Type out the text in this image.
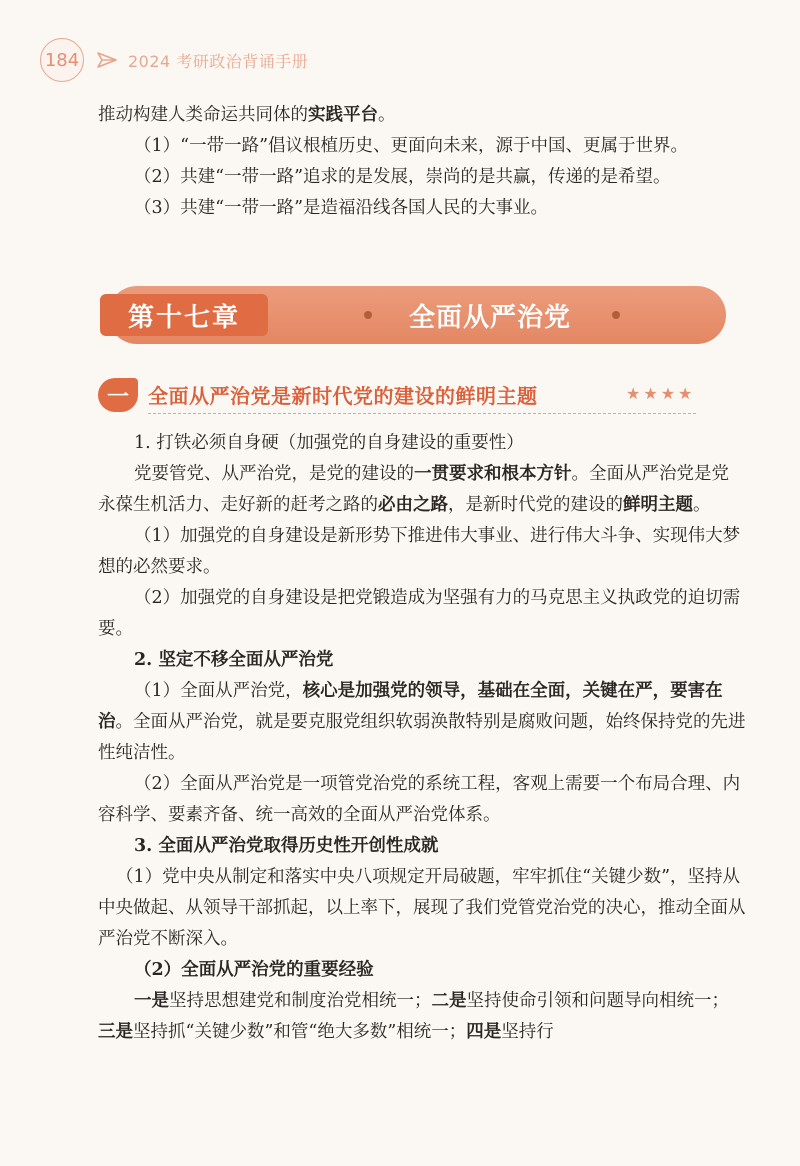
184	2024 考研政治背诵手册

推动构建人类命运共同体的实践平台。

（1）“一带一路”倡议根植历史、更面向未来，源于中国、更属于世界。

（2）共建“一带一路”追求的是发展，崇尚的是共赢，传递的是希望。

（3）共建“一带一路”是造福沿线各国人民的大事业。

第十七章	全面从严治党
一 全面从严治党是新时代党的建设的鲜明主题	★★★★

1. 打铁必须自身硬（加强党的自身建设的重要性）

党要管党、从严治党，是党的建设的一贯要求和根本方针。全面从严治党是党永葆生机活力、走好新的赶考之路的必由之路，是新时代党的建设的鲜明主题。

（1）加强党的自身建设是新形势下推进伟大事业、进行伟大斗争、实现伟大梦想的必然要求。

（2）加强党的自身建设是把党锻造成为坚强有力的马克思主义执政党的迫切需要。

2. 坚定不移全面从严治党

（1）全面从严治党，核心是加强党的领导，基础在全面，关键在严，要害在治。全面从严治党，就是要克服党组织软弱涣散特别是腐败问题，始终保持党的先进性纯洁性。

（2）全面从严治党是一项管党治党的系统工程，客观上需要一个布局合理、内容科学、要素齐备、统一高效的全面从严治党体系。

3. 全面从严治党取得历史性开创性成就

（1）党中央从制定和落实中央八项规定开局破题，牢牢抓住“关键少数”，坚持从中央做起、从领导干部抓起，以上率下，展现了我们党管党治党的决心，推动全面从严治党不断深入。

（2）全面从严治党的重要经验

一是坚持思想建党和制度治党相统一；二是坚持使命引领和问题导向相统一；三是坚持抓“关键少数”和管“绝大多数”相统一；四是坚持行
